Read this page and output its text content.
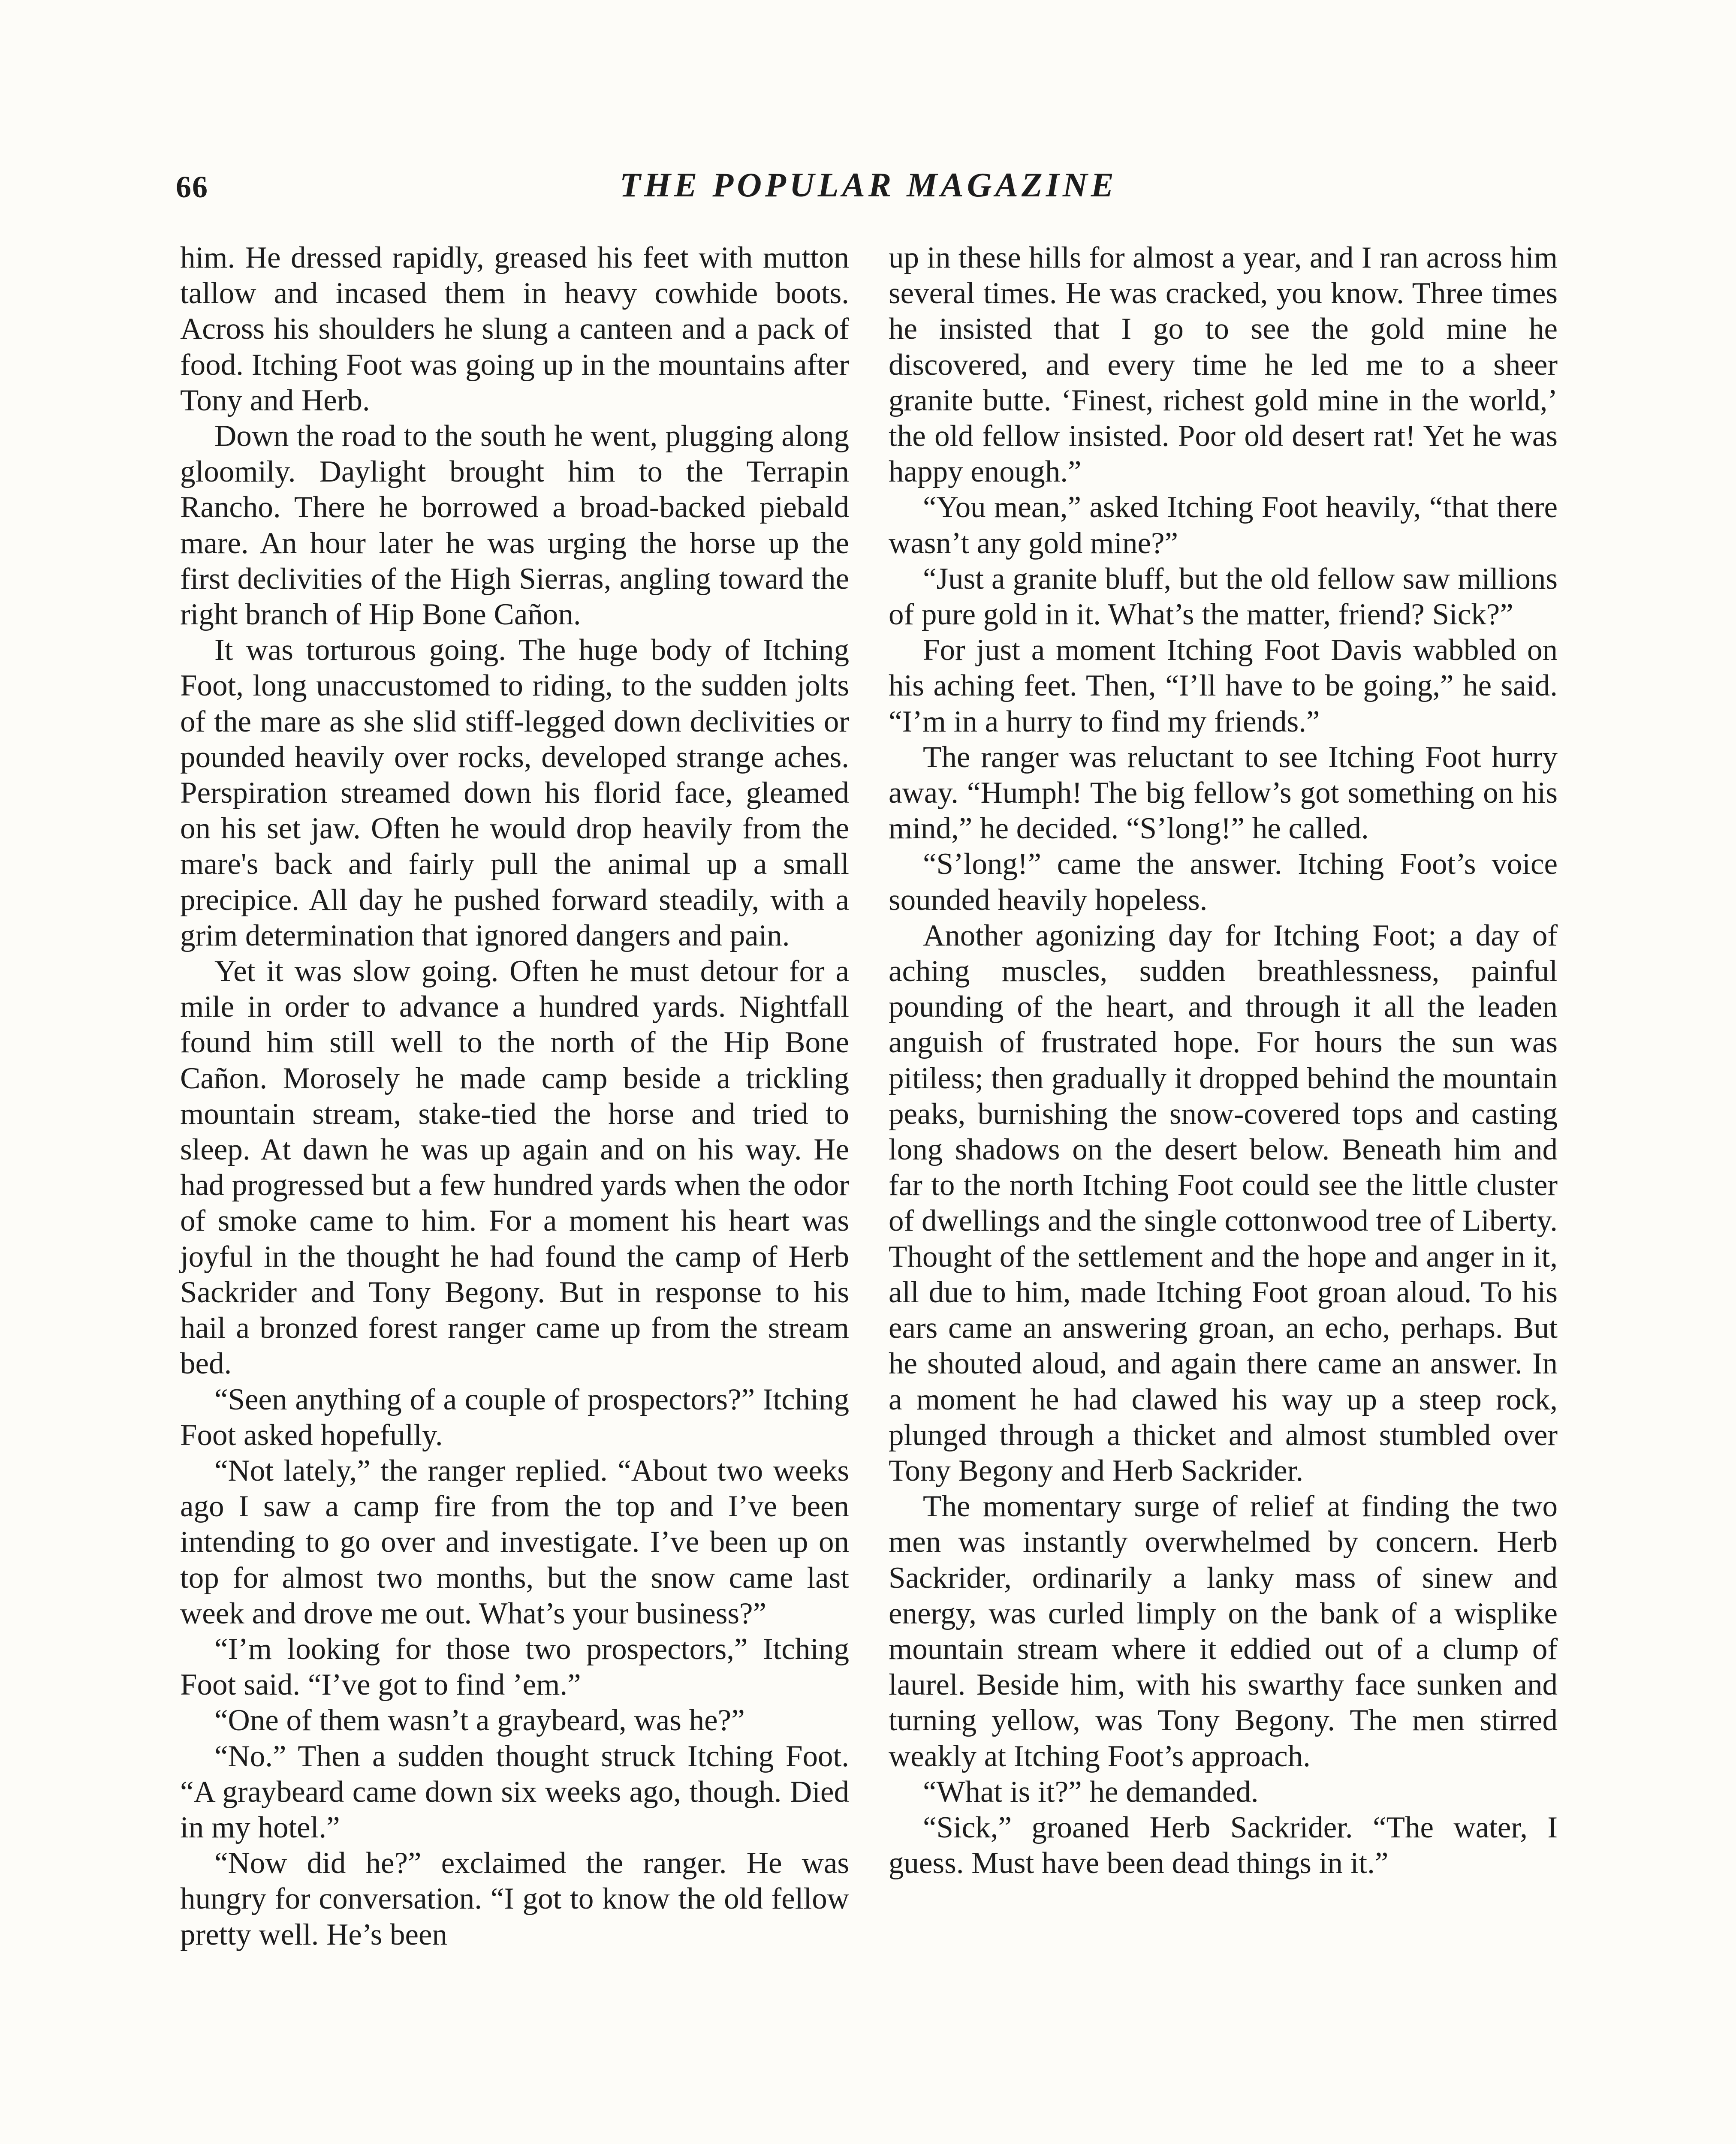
66	THE POPULAR MAGAZINE

him. He dressed rapidly, greased his feet with mutton tallow and incased them in heavy cowhide boots. Across his shoulders he slung a canteen and a pack of food. Itching Foot was going up in the mountains after Tony and Herb.

Down the road to the south he went, plugging along gloomily. Daylight brought him to the Terrapin Rancho. There he borrowed a broad-backed piebald mare. An hour later he was urging the horse up the first declivities of the High Sierras, angling toward the right branch of Hip Bone Cañon.

It was torturous going. The huge body of Itching Foot, long unaccustomed to riding, to the sudden jolts of the mare as she slid stiff-legged down declivities or pounded heavily over rocks, developed strange aches. Perspiration streamed down his florid face, gleamed on his set jaw. Often he would drop heavily from the mare's back and fairly pull the animal up a small precipice. All day he pushed forward steadily, with a grim determination that ignored dangers and pain.

Yet it was slow going. Often he must detour for a mile in order to advance a hundred yards. Nightfall found him still well to the north of the Hip Bone Cañon. Morosely he made camp beside a trickling mountain stream, stake-tied the horse and tried to sleep. At dawn he was up again and on his way. He had progressed but a few hundred yards when the odor of smoke came to him. For a moment his heart was joyful in the thought he had found the camp of Herb Sackrider and Tony Begony. But in response to his hail a bronzed forest ranger came up from the stream bed.

“Seen anything of a couple of prospectors?” Itching Foot asked hopefully.

“Not lately,” the ranger replied. “About two weeks ago I saw a camp fire from the top and I’ve been intending to go over and investigate. I’ve been up on top for almost two months, but the snow came last week and drove me out. What’s your business?”

“I’m looking for those two prospectors,” Itching Foot said. “I’ve got to find ’em.”

“One of them wasn’t a graybeard, was he?”

“No.” Then a sudden thought struck Itching Foot. “A graybeard came down six weeks ago, though. Died in my hotel.”

“Now did he?” exclaimed the ranger. He was hungry for conversation. “I got to know the old fellow pretty well. He’s been

up in these hills for almost a year, and I ran across him several times. He was cracked, you know. Three times he insisted that I go to see the gold mine he discovered, and every time he led me to a sheer granite butte. ‘Finest, richest gold mine in the world,’ the old fellow insisted. Poor old desert rat! Yet he was happy enough.”

“You mean,” asked Itching Foot heavily, “that there wasn’t any gold mine?”

“Just a granite bluff, but the old fellow saw millions of pure gold in it. What’s the matter, friend? Sick?”

For just a moment Itching Foot Davis wabbled on his aching feet. Then, “I’ll have to be going,” he said. “I’m in a hurry to find my friends.”

The ranger was reluctant to see Itching Foot hurry away. “Humph! The big fellow’s got something on his mind,” he decided. “S’long!” he called.

“S’long!” came the answer. Itching Foot’s voice sounded heavily hopeless.

Another agonizing day for Itching Foot; a day of aching muscles, sudden breathlessness, painful pounding of the heart, and through it all the leaden anguish of frustrated hope. For hours the sun was pitiless; then gradually it dropped behind the mountain peaks, burnishing the snow-covered tops and casting long shadows on the desert below. Beneath him and far to the north Itching Foot could see the little cluster of dwellings and the single cottonwood tree of Liberty. Thought of the settlement and the hope and anger in it, all due to him, made Itching Foot groan aloud. To his ears came an answering groan, an echo, perhaps. But he shouted aloud, and again there came an answer. In a moment he had clawed his way up a steep rock, plunged through a thicket and almost stumbled over Tony Begony and Herb Sackrider.

The momentary surge of relief at finding the two men was instantly overwhelmed by concern. Herb Sackrider, ordinarily a lanky mass of sinew and energy, was curled limply on the bank of a wisplike mountain stream where it eddied out of a clump of laurel. Beside him, with his swarthy face sunken and turning yellow, was Tony Begony. The men stirred weakly at Itching Foot’s approach.

“What is it?” he demanded.

“Sick,” groaned Herb Sackrider. “The water, I guess. Must have been dead things in it.”
